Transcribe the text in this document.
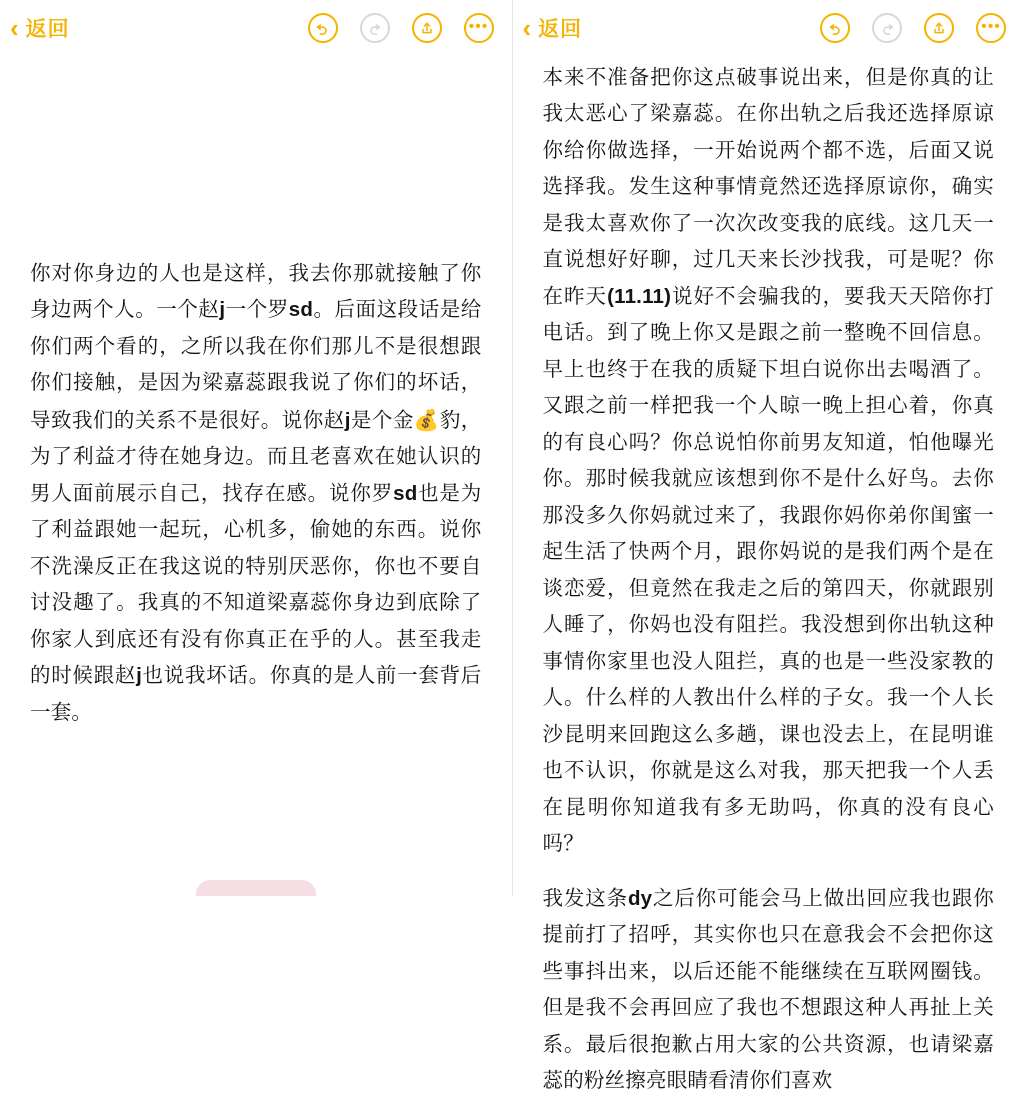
‹ 返回	•••

你对你身边的人也是这样，我去你那就接触了你身边两个人。一个赵j一个罗sd。后面这段话是给你们两个看的，之所以我在你们那儿不是很想跟你们接触，是因为梁嘉蕊跟我说了你们的坏话，导致我们的关系不是很好。说你赵j是个金💰豹，为了利益才待在她身边。而且老喜欢在她认识的男人面前展示自己，找存在感。说你罗sd也是为了利益跟她一起玩，心机多，偷她的东西。说你不洗澡反正在我这说的特别厌恶你，你也不要自讨没趣了。我真的不知道梁嘉蕊你身边到底除了你家人到底还有没有你真正在乎的人。甚至我走的时候跟赵j也说我坏话。你真的是人前一套背后一套。

‹ 返回	•••

本来不准备把你这点破事说出来，但是你真的让我太恶心了梁嘉蕊。在你出轨之后我还选择原谅你给你做选择，一开始说两个都不选，后面又说选择我。发生这种事情竟然还选择原谅你，确实是我太喜欢你了一次次改变我的底线。这几天一直说想好好聊，过几天来长沙找我，可是呢？你在昨天(11.11)说好不会骗我的，要我天天陪你打电话。到了晚上你又是跟之前一整晚不回信息。早上也终于在我的质疑下坦白说你出去喝酒了。又跟之前一样把我一个人晾一晚上担心着，你真的有良心吗？你总说怕你前男友知道，怕他曝光你。那时候我就应该想到你不是什么好鸟。去你那没多久你妈就过来了，我跟你妈你弟你闺蜜一起生活了快两个月，跟你妈说的是我们两个是在谈恋爱，但竟然在我走之后的第四天，你就跟别人睡了，你妈也没有阻拦。我没想到你出轨这种事情你家里也没人阻拦，真的也是一些没家教的人。什么样的人教出什么样的子女。我一个人长沙昆明来回跑这么多趟，课也没去上，在昆明谁也不认识，你就是这么对我，那天把我一个人丢在昆明你知道我有多无助吗，你真的没有良心吗？

我发这条dy之后你可能会马上做出回应我也跟你提前打了招呼，其实你也只在意我会不会把你这些事抖出来，以后还能不能继续在互联网圈钱。但是我不会再回应了我也不想跟这种人再扯上关系。最后很抱歉占用大家的公共资源，也请梁嘉蕊的粉丝擦亮眼睛看清你们喜欢
